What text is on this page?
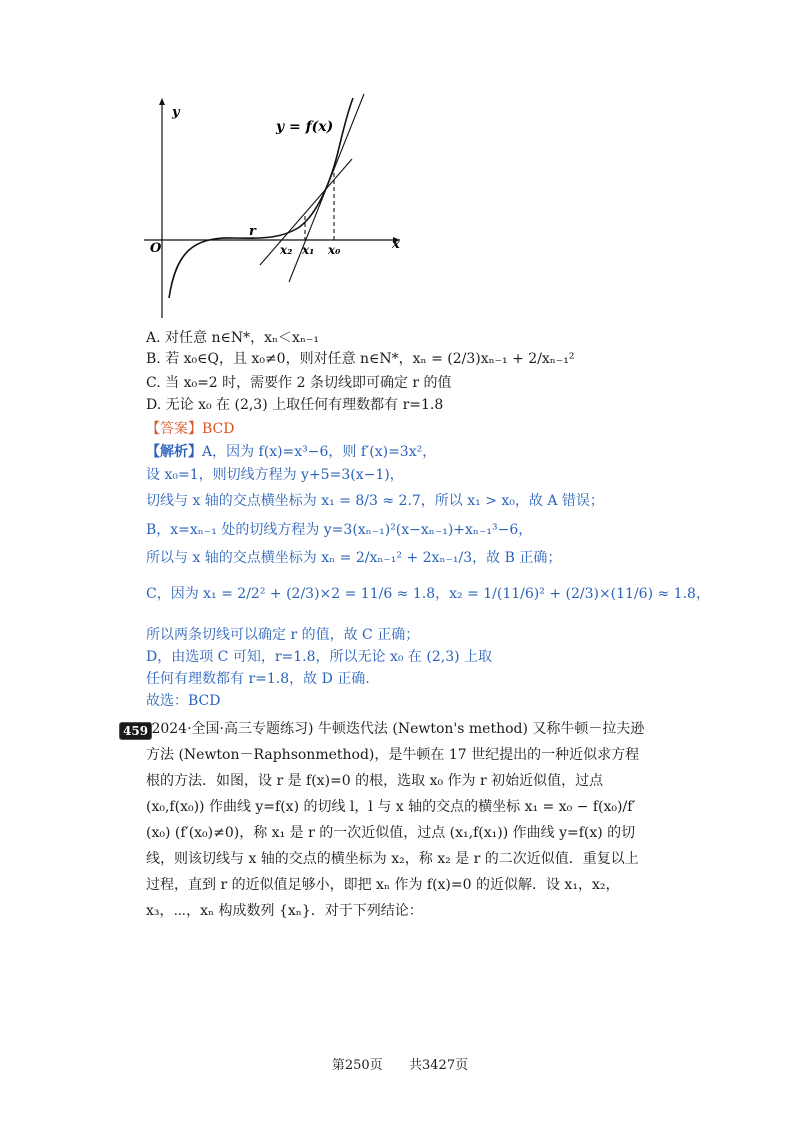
y = f(x)
y
x
O
r
x₂ x₁ x₀
A. 对任意 n∈N*，xₙ＜xₙ₋₁
B. 若 x₀∈Q，且 x₀≠0，则对任意 n∈N*，xₙ = (2/3)xₙ₋₁ + 2/xₙ₋₁²
C. 当 x₀=2 时，需要作 2 条切线即可确定 r 的值
D. 无论 x₀ 在 (2,3) 上取任何有理数都有 r=1.8
【答案】BCD
【解析】A，因为 f(x)=x³−6，则 f′(x)=3x²，
设 x₀=1，则切线方程为 y+5=3(x−1)，
切线与 x 轴的交点横坐标为 x₁ = 8/3 ≈ 2.7，所以 x₁ > x₀，故 A 错误；
B，x=xₙ₋₁ 处的切线方程为 y=3(xₙ₋₁)²(x−xₙ₋₁)+xₙ₋₁³−6，
所以与 x 轴的交点横坐标为 xₙ = 2/xₙ₋₁² + 2xₙ₋₁/3，故 B 正确；
C，因为 x₁ = 2/2² + (2/3)×2 = 11/6 ≈ 1.8，x₂ = 1/(11/6)² + (2/3)×(11/6) ≈ 1.8，
所以两条切线可以确定 r 的值，故 C 正确；
D，由选项 C 可知，r=1.8，所以无论 x₀ 在 (2,3) 上取
任何有理数都有 r=1.8，故 D 正确.
故选：BCD
459
(2024·全国·高三专题练习) 牛顿迭代法 (Newton's method) 又称牛顿－拉夫逊方法 (Newton－Raphsonmethod)，是牛顿在 17 世纪提出的一种近似求方程根的方法．如图，设 r 是 f(x)=0 的根，选取 x₀ 作为 r 初始近似值，过点 (x₀,f(x₀)) 作曲线 y=f(x) 的切线 l，l 与 x 轴的交点的横坐标 x₁ = x₀ − f(x₀)/f′(x₀) (f′(x₀)≠0)，称 x₁ 是 r 的一次近似值，过点 (x₁,f(x₁)) 作曲线 y=f(x) 的切线，则该切线与 x 轴的交点的横坐标为 x₂，称 x₂ 是 r 的二次近似值．重复以上过程，直到 r 的近似值足够小，即把 xₙ 作为 f(x)=0 的近似解．设 x₁，x₂，x₃，⋯，xₙ 构成数列 {xₙ}．对于下列结论：
第250页 共3427页
